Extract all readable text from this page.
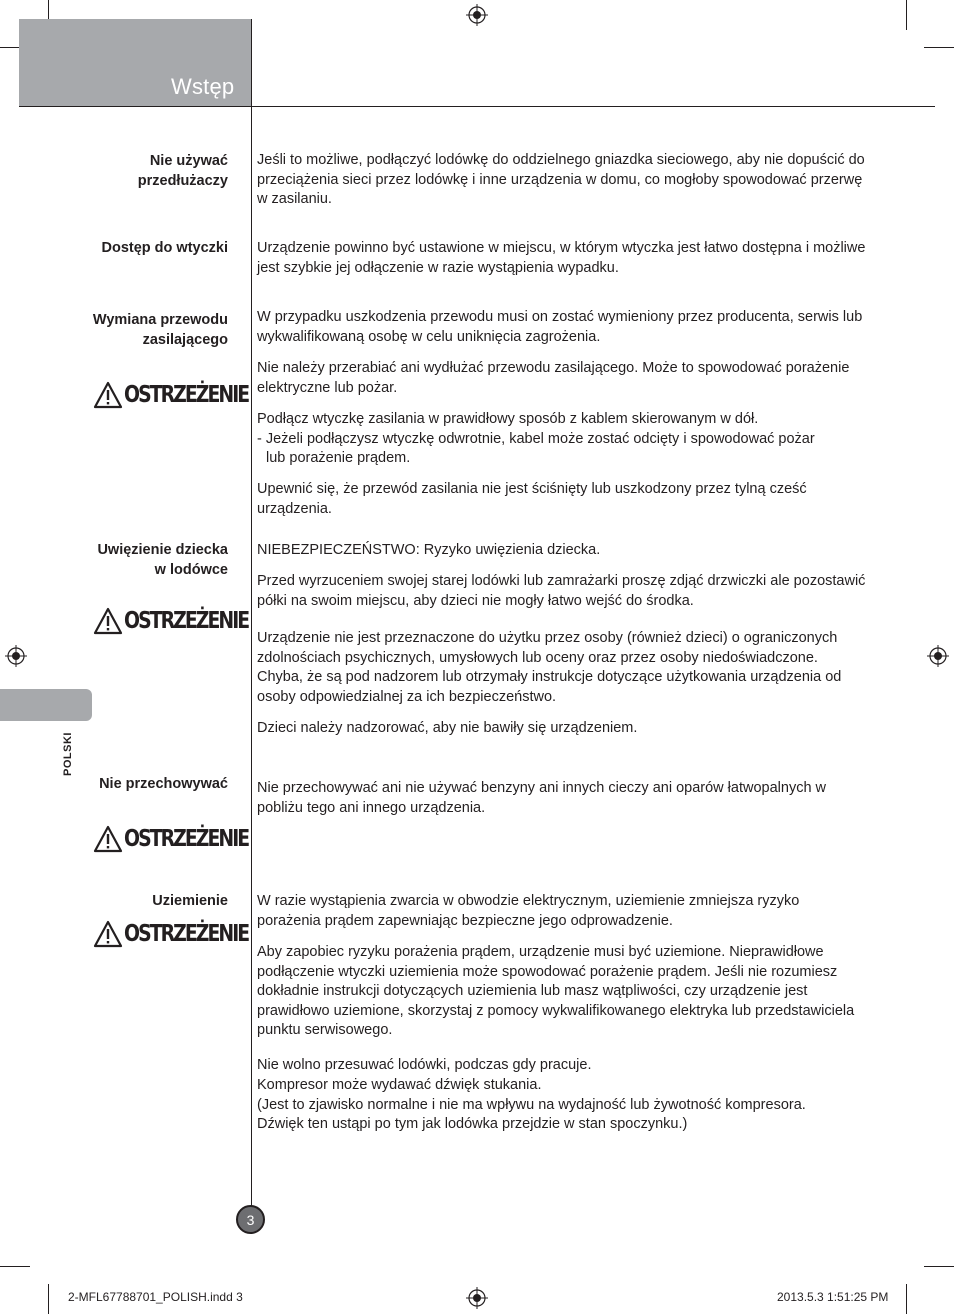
Wstęp
POLSKI
Nie używać przedłużaczy
Jeśli to możliwe, podłączyć lodówkę do oddzielnego gniazdka sieciowego, aby nie dopuścić do przeciążenia sieci przez lodówkę i inne urządzenia w domu, co mogłoby spowodować przerwę w zasilaniu.
Dostęp do wtyczki Urządzenie powinno być ustawione w miejscu, w którym wtyczka jest łatwo dostępna i możliwe jest szybkie jej odłączenie w razie wystąpienia wypadku.
Wymiana przewodu zasilającego
OSTRZEŻENIE
W przypadku uszkodzenia przewodu musi on zostać wymieniony przez producenta, serwis lub wykwalifikowaną osobę w celu uniknięcia zagrożenia.
Nie należy przerabiać ani wydłużać przewodu zasilającego. Może to spowodować porażenie elektryczne lub pożar.
Podłącz wtyczkę zasilania w prawidłowy sposób z kablem skierowanym w dół.
- Jeżeli podłączysz wtyczkę odwrotnie, kabel może zostać odcięty i spowodować pożar
lub porażenie prądem.
Upewnić się, że przewód zasilania nie jest ściśnięty lub uszkodzony przez tylną cześć urządzenia.
Uwięzienie dziecka w lodówce
OSTRZEŻENIE
NIEBEZPIECZEŃSTWO: Ryzyko uwięzienia dziecka.
Przed wyrzuceniem swojej starej lodówki lub zamrażarki proszę zdjąć drzwiczki ale pozostawić półki na swoim miejscu, aby dzieci nie mogły łatwo wejść do środka.
Urządzenie nie jest przeznaczone do użytku przez osoby (również dzieci) o ograniczonych zdolnościach psychicznych, umysłowych lub oceny oraz przez osoby niedoświadczone. Chyba, że są pod nadzorem lub otrzymały instrukcje dotyczące użytkowania urządzenia od osoby odpowiedzialnej za ich bezpieczeństwo.
Dzieci należy nadzorować, aby nie bawiły się urządzeniem.
Nie przechowywać
OSTRZEŻENIE
Nie przechowywać ani nie używać benzyny ani innych cieczy ani oparów łatwopalnych w pobliżu tego ani innego urządzenia.
Uziemienie
OSTRZEŻENIE
W razie wystąpienia zwarcia w obwodzie elektrycznym, uziemienie zmniejsza ryzyko porażenia prądem zapewniając bezpieczne jego odprowadzenie.
Aby zapobiec ryzyku porażenia prądem, urządzenie musi być uziemione. Nieprawidłowe podłączenie wtyczki uziemienia może spowodować porażenie prądem. Jeśli nie rozumiesz dokładnie instrukcji dotyczących uziemienia lub masz wątpliwości, czy urządzenie jest prawidłowo uziemione, skorzystaj z pomocy wykwalifikowanego elektryka lub przedstawiciela punktu serwisowego.
Nie wolno przesuwać lodówki, podczas gdy pracuje.
Kompresor może wydawać dźwięk stukania.
(Jest to zjawisko normalne i nie ma wpływu na wydajność lub żywotność kompresora.
Dźwięk ten ustąpi po tym jak lodówka przejdzie w stan spoczynku.)
3
2-MFL67788701_POLISH.indd 3	2013.5.3 1:51:25 PM
